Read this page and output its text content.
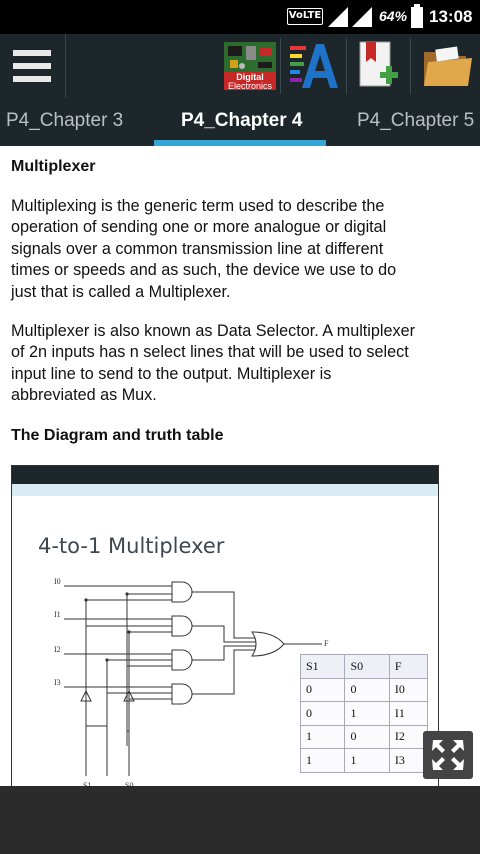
VoLTE	64% 13:08
Digital
Electronics
P4_Chapter 3	P4_Chapter 4	P4_Chapter 5
Multiplexer
Multiplexing is the generic term used to describe the
operation of sending one or more analogue or digital
signals over a common transmission line at different
times or speeds and as such, the device we use to do
just that is called a Multiplexer.
Multiplexer is also known as Data Selector. A multiplexer
of 2n inputs has n select lines that will be used to select
input line to send to the output. Multiplexer is
abbreviated as Mux.
The Diagram and truth table
4-to-1 Multiplexer
I0
I1
I2
I3
F
S1	S0	F
0	0	I0
0	1	I1
1	0	I2
1	1	I3
